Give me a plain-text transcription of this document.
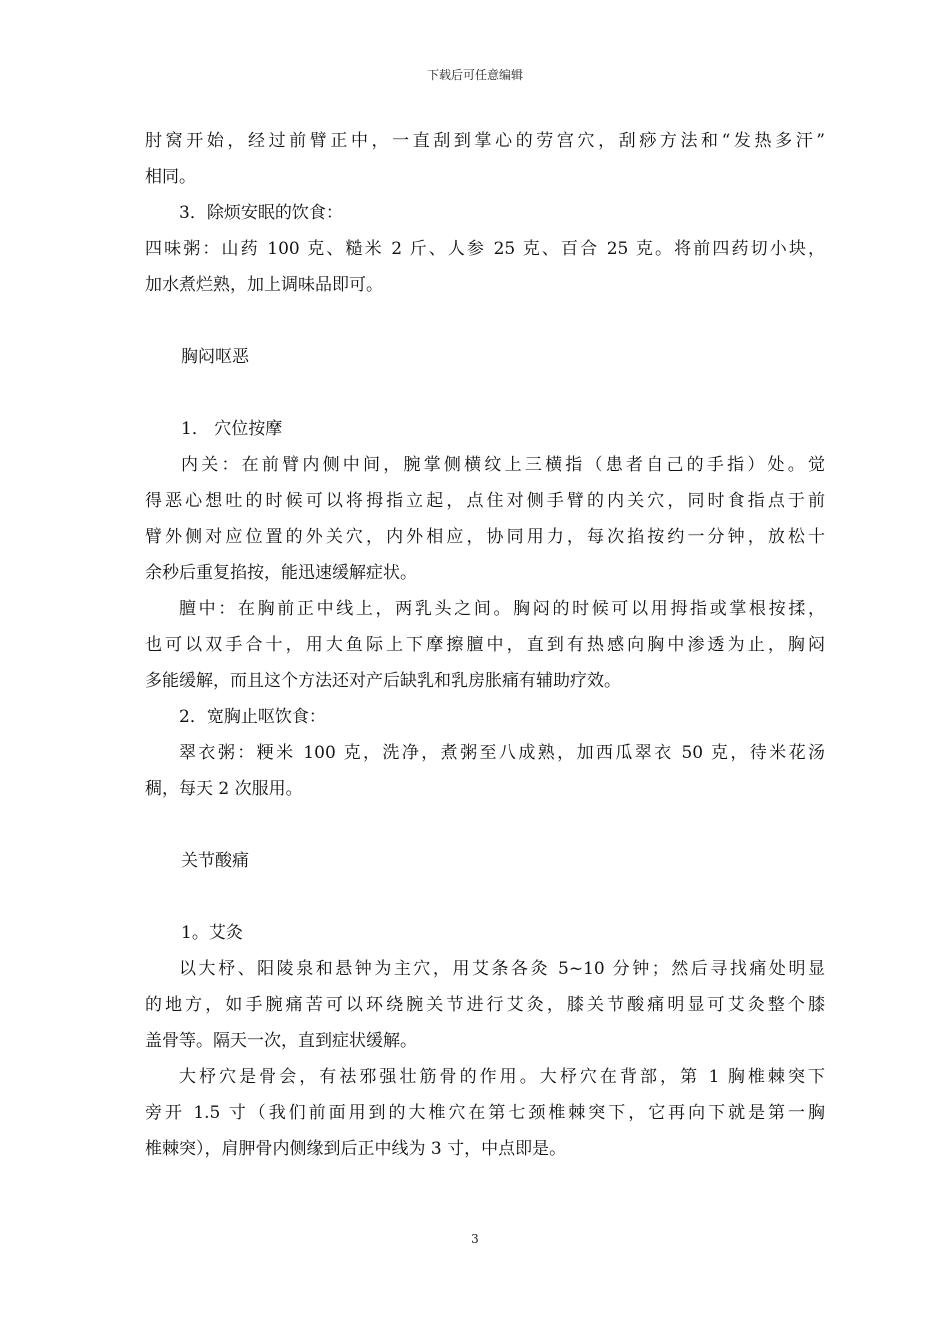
下载后可任意编辑
肘窝开始，经过前臂正中，一直刮到掌心的劳宫穴，刮痧方法和“发热多汗”
相同。
3．除烦安眠的饮食：
四味粥：山药 100 克、糙米 2 斤、人参 25 克、百合 25 克。将前四药切小块，
加水煮烂熟，加上调味品即可。
胸闷呕恶
1． 穴位按摩
内关：在前臂内侧中间，腕掌侧横纹上三横指（患者自己的手指）处。觉
得恶心想吐的时候可以将拇指立起，点住对侧手臂的内关穴，同时食指点于前
臂外侧对应位置的外关穴，内外相应，协同用力，每次掐按约一分钟，放松十
余秒后重复掐按，能迅速缓解症状。
膻中：在胸前正中线上，两乳头之间。胸闷的时候可以用拇指或掌根按揉，
也可以双手合十，用大鱼际上下摩擦膻中，直到有热感向胸中渗透为止，胸闷
多能缓解，而且这个方法还对产后缺乳和乳房胀痛有辅助疗效。
2．宽胸止呕饮食：
翠衣粥：粳米 100 克，洗净，煮粥至八成熟，加西瓜翠衣 50 克，待米花汤
稠，每天 2 次服用。
关节酸痛
1。艾灸
以大杼、阳陵泉和悬钟为主穴，用艾条各灸 5~10 分钟；然后寻找痛处明显
的地方，如手腕痛苦可以环绕腕关节进行艾灸，膝关节酸痛明显可艾灸整个膝
盖骨等。隔天一次，直到症状缓解。
大杼穴是骨会，有祛邪强壮筋骨的作用。大杼穴在背部，第 1 胸椎棘突下
旁开 1.5 寸（我们前面用到的大椎穴在第七颈椎棘突下，它再向下就是第一胸
椎棘突），肩胛骨内侧缘到后正中线为 3 寸，中点即是。
3
